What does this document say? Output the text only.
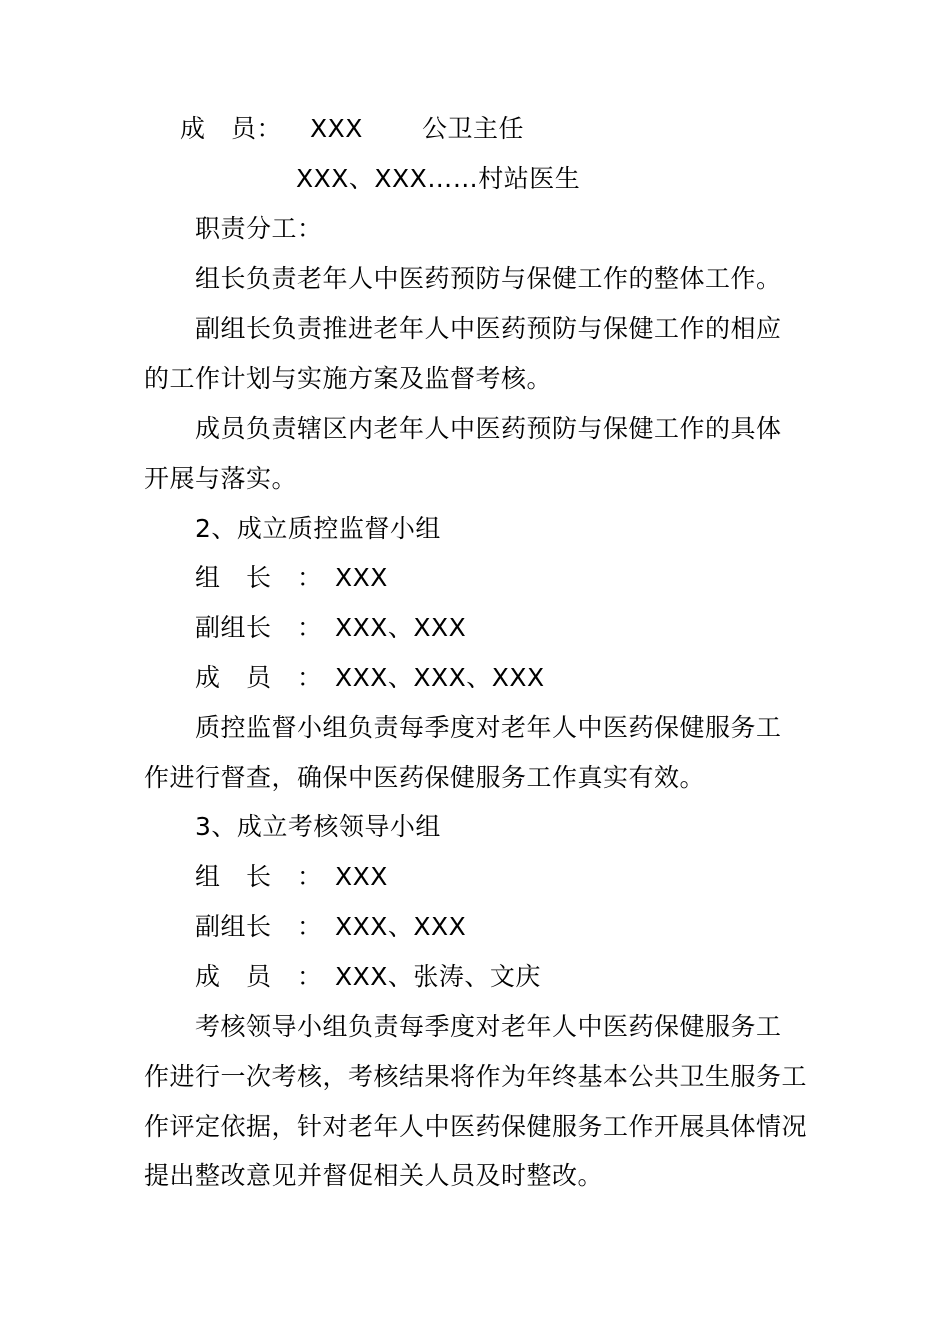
成　员： XXX 公卫主任
XXX、XXX……村站医生
职责分工：
组长负责老年人中医药预防与保健工作的整体工作。
副组长负责推进老年人中医药预防与保健工作的相应
的工作计划与实施方案及监督考核。
成员负责辖区内老年人中医药预防与保健工作的具体
开展与落实。
2、成立质控监督小组
组　长　： XXX
副组长　： XXX、XXX
成　员　： XXX、XXX、XXX
质控监督小组负责每季度对老年人中医药保健服务工
作进行督查，确保中医药保健服务工作真实有效。
3、成立考核领导小组
组　长　： XXX
副组长　： XXX、XXX
成　员　： XXX、张涛、文庆
考核领导小组负责每季度对老年人中医药保健服务工
作进行一次考核，考核结果将作为年终基本公共卫生服务工
作评定依据，针对老年人中医药保健服务工作开展具体情况
提出整改意见并督促相关人员及时整改。
